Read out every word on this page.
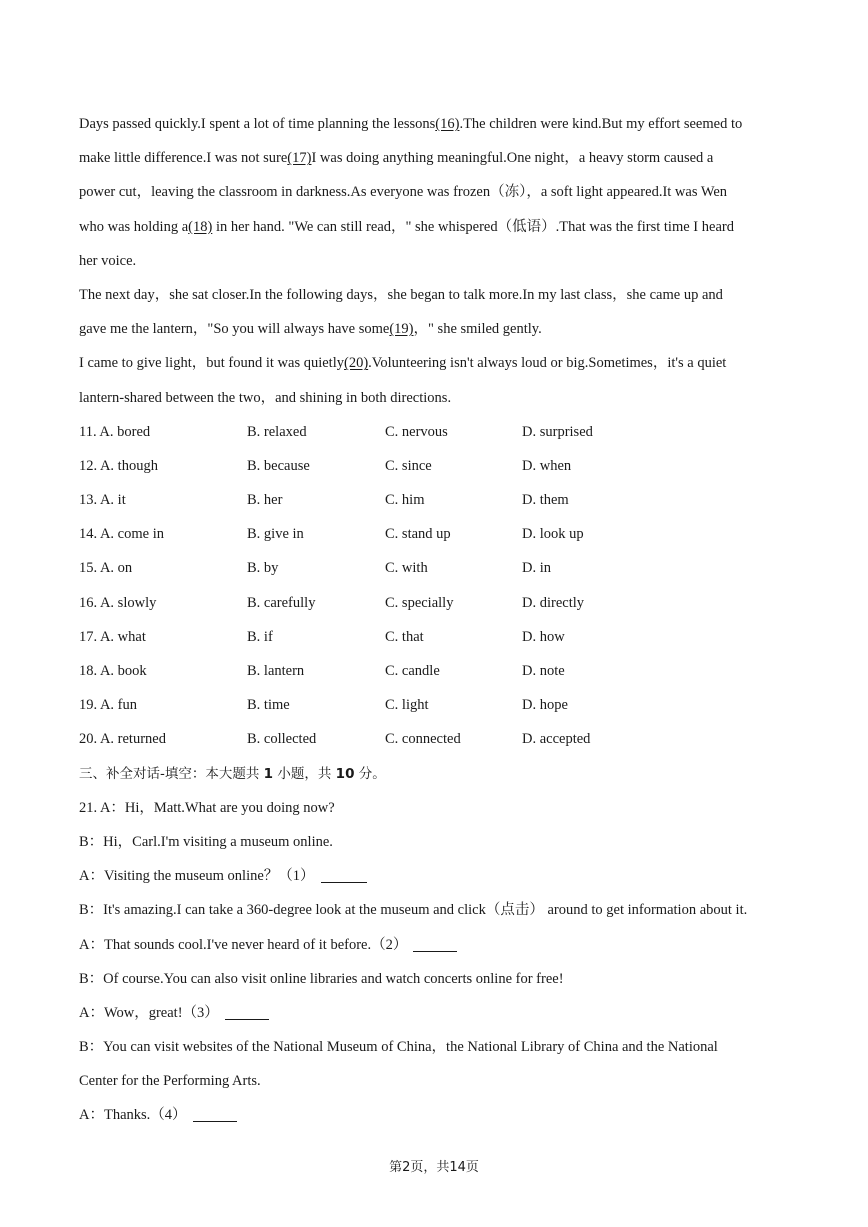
Days passed quickly.I spent a lot of time planning the lessons(16).The children were kind.But my effort seemed to
make little difference.I was not sure(17)I was doing anything meaningful.One night，a heavy storm caused a
power cut，leaving the classroom in darkness.As everyone was frozen（冻），a soft light appeared.It was Wen
who was holding a(18) in her hand. "We can still read，" she whispered（低语）.That was the first time I heard
her voice.
The next day，she sat closer.In the following days，she began to talk more.In my last class，she came up and
gave me the lantern，"So you will always have some(19)，" she smiled gently.
I came to give light，but found it was quietly(20).Volunteering isn't always loud or big.Sometimes，it's a quiet
lantern-shared between the two，and shining in both directions.
11. A. bored	B. relaxed	C. nervous	D. surprised
12. A. though	B. because	C. since	D. when
13. A. it	B. her	C. him	D. them
14. A. come in	B. give in	C. stand up	D. look up
15. A. on	B. by	C. with	D. in
16. A. slowly	B. carefully	C. specially	D. directly
17. A. what	B. if	C. that	D. how
18. A. book	B. lantern	C. candle	D. note
19. A. fun	B. time	C. light	D. hope
20. A. returned	B. collected	C. connected	D. accepted
三、补全对话-填空：本大题共 1 小题，共 10 分。
21. A：Hi，Matt.What are you doing now?
B：Hi，Carl.I'm visiting a museum online.
A：Visiting the museum online？（1）
B：It's amazing.I can take a 360-degree look at the museum and click（点击） around to get information about it.
A：That sounds cool.I've never heard of it before.（2）
B：Of course.You can also visit online libraries and watch concerts online for free!
A：Wow，great!（3）
B：You can visit websites of the National Museum of China，the National Library of China and the National
Center for the Performing Arts.
A：Thanks.（4）
第2页，共14页
